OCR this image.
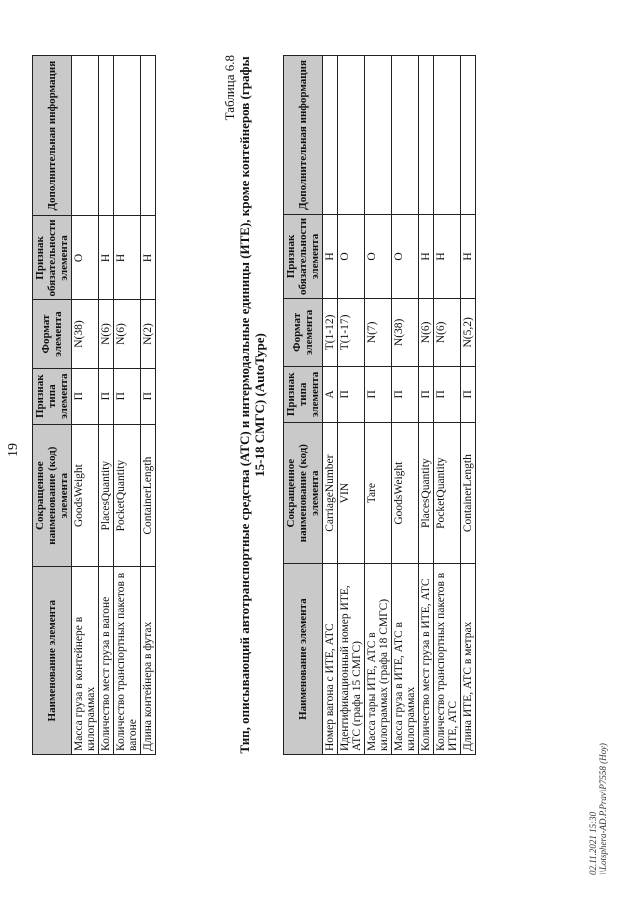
19
Наименование элемента	Сокращенное наименование (код) элемента	Признак типа элемента	Формат элемента	Признак обязательности элемента	Дополнительная информация
Масса груза в контейнере в килограммах	GoodsWeight	П	N(38)	О	
Количество мест груза в вагоне	PlacesQuantity	П	N(6)	Н	
Количество транспортных пакетов в вагоне	PocketQuantity	П	N(6)	Н	
Длина контейнера в футах	ContainerLength	П	N(2)	Н	
Таблица 6.8 Тип, описывающий автотранспортные средства (АТС) и интермодальные единицы (ИТЕ), кроме контейнеров (графы 15-18 СМГС) (AutoType)
Наименование элемента	Сокращенное наименование (код) элемента	Признак типа элемента	Формат элемента	Признак обязательности элемента	Дополнительная информация
Номер вагона с ИТЕ, АТС	CarriageNumber	А	T(1-12)	Н	
Идентификационный номер ИТЕ, АТС (графа 15 СМГС)	VIN	П	T(1-17)	О	
Масса тары ИТЕ, АТС в килограммах (графа 18 СМГС)	Tare	П	N(7)	О	
Масса груза в ИТЕ, АТС в килограммах	GoodsWeight	П	N(38)	О	
Количество мест груза в ИТЕ, АТС	PlacesQuantity	П	N(6)	Н	
Количество транспортных пакетов в ИТЕ, АТС	PocketQuantity	П	N(6)	Н	
Длина ИТЕ, АТС в метрах	ContainerLength	П	N(5,2)	Н	
02.11.2021 15:30 \\Lotsphera-AD.P.Prav\P7558 (Ноу)
